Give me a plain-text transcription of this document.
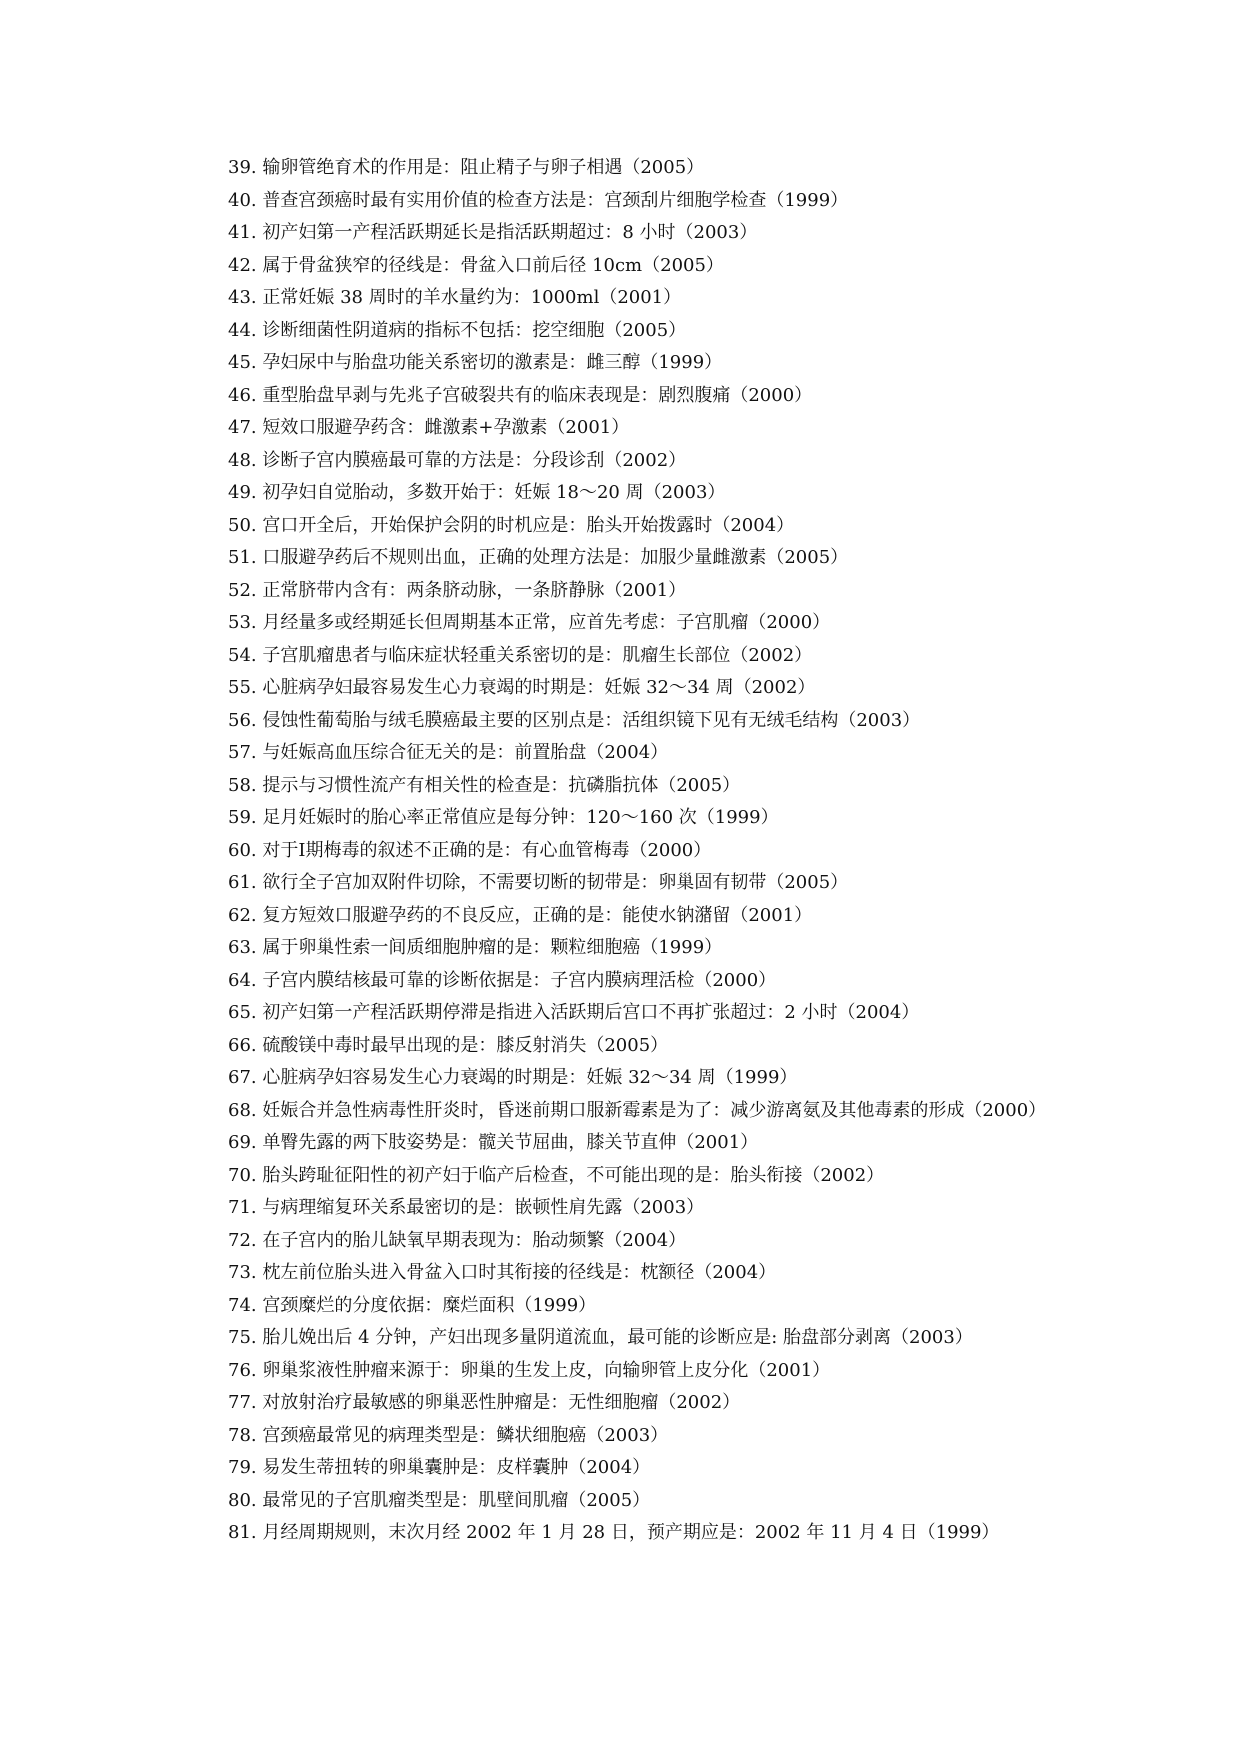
39. 输卵管绝育术的作用是：阻止精子与卵子相遇（2005）

40. 普查宫颈癌时最有实用价值的检查方法是：宫颈刮片细胞学检查（1999）

41. 初产妇第一产程活跃期延长是指活跃期超过：8 小时（2003）

42. 属于骨盆狭窄的径线是：骨盆入口前后径 10cm（2005）

43. 正常妊娠 38 周时的羊水量约为：1000ml（2001）

44. 诊断细菌性阴道病的指标不包括：挖空细胞（2005）

45. 孕妇尿中与胎盘功能关系密切的激素是：雌三醇（1999）

46. 重型胎盘早剥与先兆子宫破裂共有的临床表现是：剧烈腹痛（2000）

47. 短效口服避孕药含：雌激素+孕激素（2001）

48. 诊断子宫内膜癌最可靠的方法是：分段诊刮（2002）

49. 初孕妇自觉胎动，多数开始于：妊娠 18～20 周（2003）

50. 宫口开全后，开始保护会阴的时机应是：胎头开始拨露时（2004）

51. 口服避孕药后不规则出血，正确的处理方法是：加服少量雌激素（2005）

52. 正常脐带内含有：两条脐动脉，一条脐静脉（2001）

53. 月经量多或经期延长但周期基本正常，应首先考虑：子宫肌瘤（2000）

54. 子宫肌瘤患者与临床症状轻重关系密切的是：肌瘤生长部位（2002）

55. 心脏病孕妇最容易发生心力衰竭的时期是：妊娠 32～34 周（2002）

56. 侵蚀性葡萄胎与绒毛膜癌最主要的区别点是：活组织镜下见有无绒毛结构（2003）

57. 与妊娠高血压综合征无关的是：前置胎盘（2004）

58. 提示与习惯性流产有相关性的检查是：抗磷脂抗体（2005）

59. 足月妊娠时的胎心率正常值应是每分钟：120～160 次（1999）

60. 对于Ⅰ期梅毒的叙述不正确的是：有心血管梅毒（2000）

61. 欲行全子宫加双附件切除，不需要切断的韧带是：卵巢固有韧带（2005）

62. 复方短效口服避孕药的不良反应，正确的是：能使水钠潴留（2001）

63. 属于卵巢性索一间质细胞肿瘤的是：颗粒细胞癌（1999）

64. 子宫内膜结核最可靠的诊断依据是：子宫内膜病理活检（2000）

65. 初产妇第一产程活跃期停滞是指进入活跃期后宫口不再扩张超过：2 小时（2004）

66. 硫酸镁中毒时最早出现的是：膝反射消失（2005）

67. 心脏病孕妇容易发生心力衰竭的时期是：妊娠 32～34 周（1999）

68. 妊娠合并急性病毒性肝炎时，昏迷前期口服新霉素是为了：减少游离氨及其他毒素的形成（2000）

69. 单臀先露的两下肢姿势是：髋关节屈曲，膝关节直伸（2001）

70. 胎头跨耻征阳性的初产妇于临产后检查，不可能出现的是：胎头衔接（2002）

71. 与病理缩复环关系最密切的是：嵌顿性肩先露（2003）

72. 在子宫内的胎儿缺氧早期表现为：胎动频繁（2004）

73. 枕左前位胎头进入骨盆入口时其衔接的径线是：枕额径（2004）

74. 宫颈糜烂的分度依据：糜烂面积（1999）

75. 胎儿娩出后 4 分钟，产妇出现多量阴道流血，最可能的诊断应是: 胎盘部分剥离（2003）

76. 卵巢浆液性肿瘤来源于：卵巢的生发上皮，向输卵管上皮分化（2001）

77. 对放射治疗最敏感的卵巢恶性肿瘤是：无性细胞瘤（2002）

78. 宫颈癌最常见的病理类型是：鳞状细胞癌（2003）

79. 易发生蒂扭转的卵巢囊肿是：皮样囊肿（2004）

80. 最常见的子宫肌瘤类型是：肌壁间肌瘤（2005）

81. 月经周期规则，末次月经 2002 年 1 月 28 日，预产期应是：2002 年 11 月 4 日（1999）
